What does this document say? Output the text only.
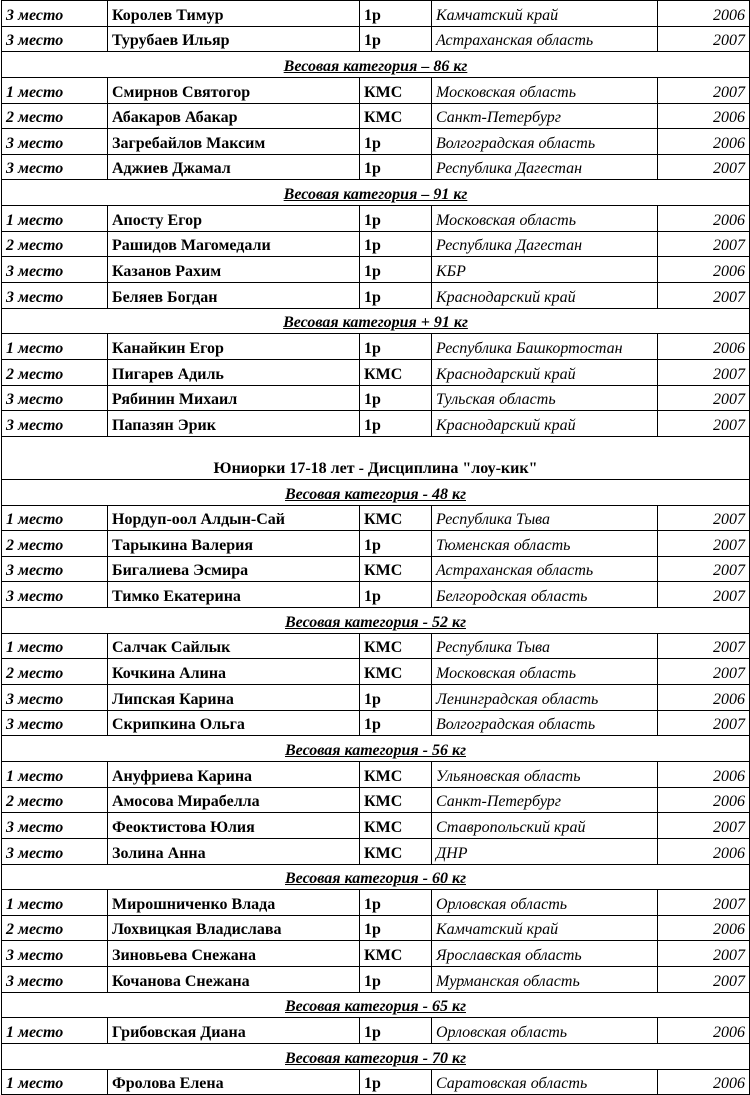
3 место	Королев Тимур	1р	Камчатский край	2006
3 место	Турубаев Ильяр	1р	Астраханская область	2007
Весовая категория – 86 кг				
1 место	Смирнов Святогор	КМС	Московская область	2007
2 место	Абакаров Абакар	КМС	Санкт-Петербург	2006
3 место	Загребайлов Максим	1р	Волгоградская область	2006
3 место	Аджиев Джамал	1р	Республика Дагестан	2007
Весовая категория – 91 кг				
1 место	Апосту Егор	1р	Московская область	2006
2 место	Рашидов Магомедали	1р	Республика Дагестан	2007
3 место	Казанов Рахим	1р	КБР	2006
3 место	Беляев Богдан	1р	Краснодарский край	2007
Весовая категория + 91 кг				
1 место	Канайкин Егор	1р	Республика Башкортостан	2006
2 место	Пигарев Адиль	КМС	Краснодарский край	2007
3 место	Рябинин Михаил	1р	Тульская область	2007
3 место	Папазян Эрик	1р	Краснодарский край	2007
Юниорки 17-18 лет - Дисциплина "лоу-кик"				
Весовая категория - 48 кг				
1 место	Нордуп-оол Алдын-Сай	КМС	Республика Тыва	2007
2 место	Тарыкина Валерия	1р	Тюменская область	2007
3 место	Бигалиева Эсмира	КМС	Астраханская область	2007
3 место	Тимко Екатерина	1р	Белгородская область	2007
Весовая категория - 52 кг				
1 место	Салчак Сайлык	КМС	Республика Тыва	2007
2 место	Кочкина Алина	КМС	Московская область	2007
3 место	Липская Карина	1р	Ленинградская область	2006
3 место	Скрипкина Ольга	1р	Волгоградская область	2007
Весовая категория - 56 кг				
1 место	Ануфриева Карина	КМС	Ульяновская область	2006
2 место	Амосова Мирабелла	КМС	Санкт-Петербург	2006
3 место	Феоктистова Юлия	КМС	Ставропольский край	2007
3 место	Золина Анна	КМС	ДНР	2006
Весовая категория - 60 кг				
1 место	Мирошниченко Влада	1р	Орловская область	2007
2 место	Лохвицкая Владислава	1р	Камчатский край	2006
3 место	Зиновьева Снежана	КМС	Ярославская область	2007
3 место	Кочанова Снежана	1р	Мурманская область	2007
Весовая категория - 65 кг				
1 место	Грибовская Диана	1р	Орловская область	2006
Весовая категория - 70 кг				
1 место	Фролова Елена	1р	Саратовская область	2006
